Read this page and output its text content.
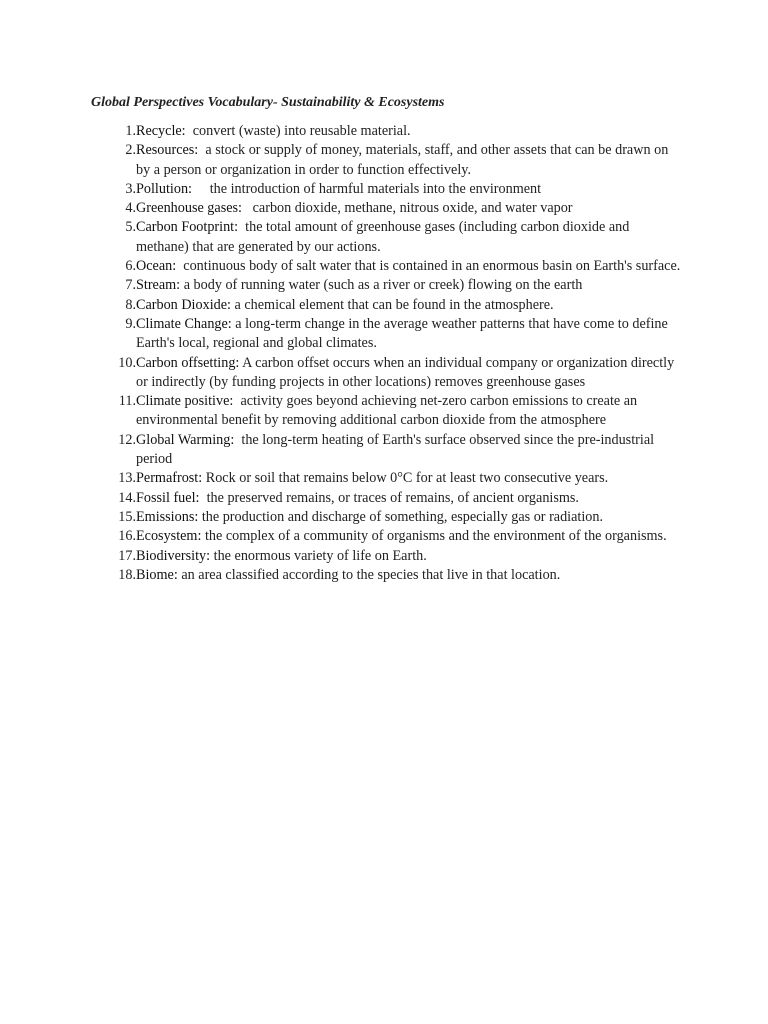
Global Perspectives Vocabulary- Sustainability & Ecosystems
1. Recycle:  convert (waste) into reusable material.
2. Resources:  a stock or supply of money, materials, staff, and other assets that can be drawn on by a person or organization in order to function effectively.
3. Pollution:     the introduction of harmful materials into the environment
4. Greenhouse gases:   carbon dioxide, methane, nitrous oxide, and water vapor
5. Carbon Footprint:  the total amount of greenhouse gases (including carbon dioxide and methane) that are generated by our actions.
6. Ocean:  continuous body of salt water that is contained in an enormous basin on Earth's surface.
7. Stream: a body of running water (such as a river or creek) flowing on the earth
8. Carbon Dioxide: a chemical element that can be found in the atmosphere.
9. Climate Change: a long-term change in the average weather patterns that have come to define Earth's local, regional and global climates.
10. Carbon offsetting: A carbon offset occurs when an individual company or organization directly or indirectly (by funding projects in other locations) removes greenhouse gases
11. Climate positive:  activity goes beyond achieving net-zero carbon emissions to create an environmental benefit by removing additional carbon dioxide from the atmosphere
12. Global Warming:  the long-term heating of Earth's surface observed since the pre-industrial period
13. Permafrost: Rock or soil that remains below 0°C for at least two consecutive years.
14. Fossil fuel:  the preserved remains, or traces of remains, of ancient organisms.
15. Emissions: the production and discharge of something, especially gas or radiation.
16. Ecosystem: the complex of a community of organisms and the environment of the organisms.
17. Biodiversity: the enormous variety of life on Earth.
18. Biome: an area classified according to the species that live in that location.
